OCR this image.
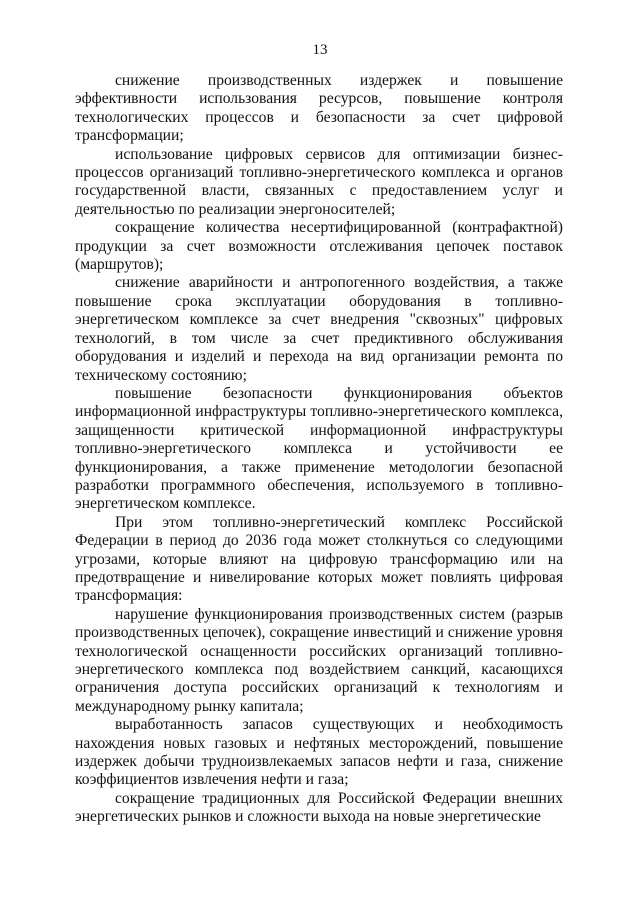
13

снижение производственных издержек и повышение эффективности использования ресурсов, повышение контроля технологических процессов и безопасности за счет цифровой трансформации;

использование цифровых сервисов для оптимизации бизнес-процессов организаций топливно-энергетического комплекса и органов государственной власти, связанных с предоставлением услуг и деятельностью по реализации энергоносителей;

сокращение количества несертифицированной (контрафактной) продукции за счет возможности отслеживания цепочек поставок (маршрутов);

снижение аварийности и антропогенного воздействия, а также повышение срока эксплуатации оборудования в топливно-энергетическом комплексе за счет внедрения "сквозных" цифровых технологий, в том числе за счет предиктивного обслуживания оборудования и изделий и перехода на вид организации ремонта по техническому состоянию;

повышение безопасности функционирования объектов информационной инфраструктуры топливно-энергетического комплекса, защищенности критической информационной инфраструктуры топливно-энергетического комплекса и устойчивости ее функционирования, а также применение методологии безопасной разработки программного обеспечения, используемого в топливно-энергетическом комплексе.

При этом топливно-энергетический комплекс Российской Федерации в период до 2036 года может столкнуться со следующими угрозами, которые влияют на цифровую трансформацию или на предотвращение и нивелирование которых может повлиять цифровая трансформация:

нарушение функционирования производственных систем (разрыв производственных цепочек), сокращение инвестиций и снижение уровня технологической оснащенности российских организаций топливно-энергетического комплекса под воздействием санкций, касающихся ограничения доступа российских организаций к технологиям и международному рынку капитала;

выработанность запасов существующих и необходимость нахождения новых газовых и нефтяных месторождений, повышение издержек добычи трудноизвлекаемых запасов нефти и газа, снижение коэффициентов извлечения нефти и газа;

сокращение традиционных для Российской Федерации внешних энергетических рынков и сложности выхода на новые энергетические
